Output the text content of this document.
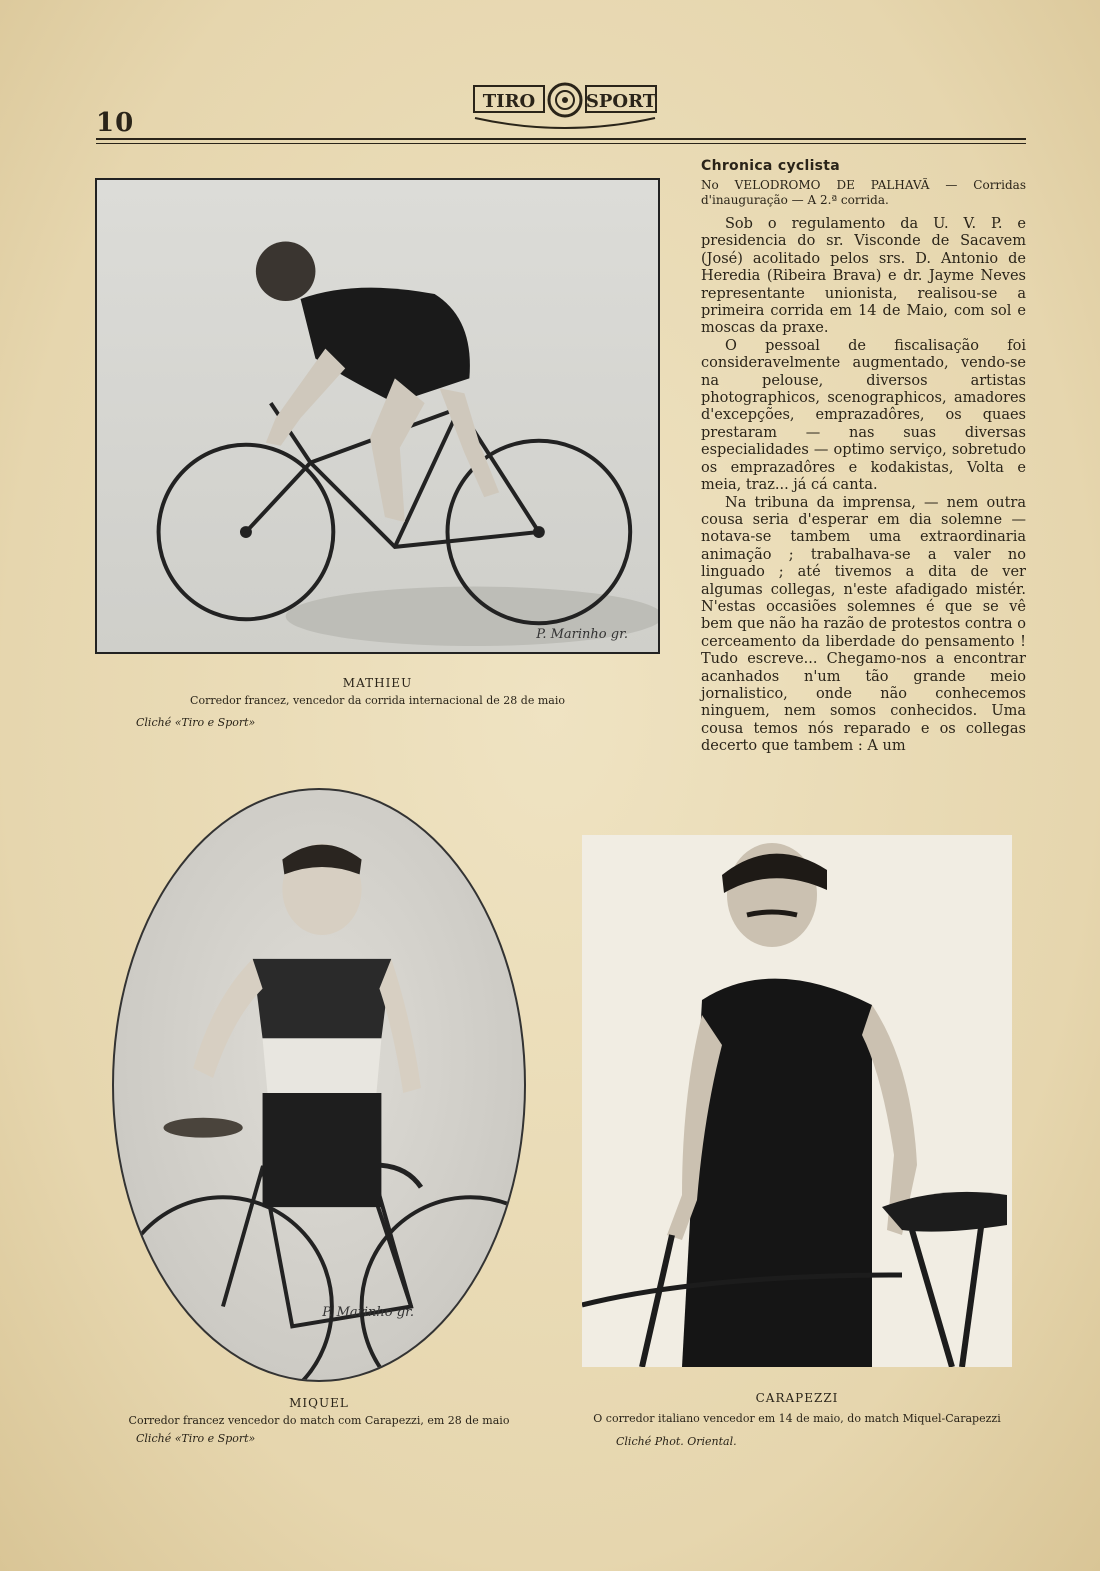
10
TIRO	SPORT
P. Marinho gr.
MATHIEU
Corredor francez, vencedor da corrida internacional de 28 de maio
Cliché «Tiro e Sport»
Chronica cyclista
No VELODROMO DE PALHAVÃ — Corridas d'inauguração — A 2.ª corrida.

Sob o regulamento da U. V. P. e presidencia do sr. Visconde de Sacavem (José) acolitado pelos srs. D. Antonio de Heredia (Ribeira Brava) e dr. Jayme Neves representante unionista, realisou-se a primeira corrida em 14 de Maio, com sol e moscas da praxe.

O pessoal de fiscalisação foi consideravelmente augmentado, vendo-se na pelouse, diversos artistas photographicos, scenographicos, amadores d'excepções, emprazadôres, os quaes prestaram — nas suas diversas especialidades — optimo serviço, sobretudo os emprazadôres e kodakistas, Volta e meia, traz... já cá canta.

Na tribuna da imprensa, — nem outra cousa seria d'esperar em dia solemne — notava-se tambem uma extraordinaria animação ; trabalhava-se a valer no linguado ; até tivemos a dita de ver algumas collegas, n'este afadigado mistér. N'estas occasiões solemnes é que se vê bem que não ha razão de protestos contra o cerceamento da liberdade do pensamento ! Tudo escreve... Chegamo-nos a encontrar acanhados n'um tão grande meio jornalistico, onde não conhecemos ninguem, nem somos conhecidos. Uma cousa temos nós reparado e os collegas decerto que tambem : A um

P. Marinho gr.
MIQUEL
Corredor francez vencedor do match com Carapezzi, em 28 de maio
Cliché «Tiro e Sport»
CARAPEZZI
O corredor italiano vencedor em 14 de maio, do match Miquel-Carapezzi
Cliché Phot. Oriental.
